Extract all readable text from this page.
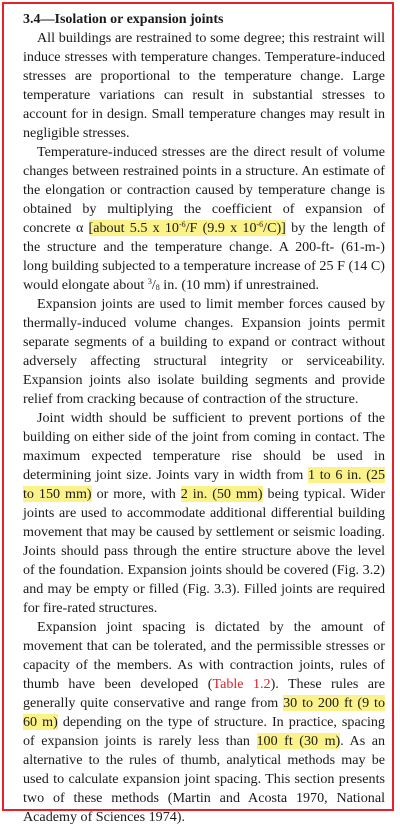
3.4—Isolation or expansion joints

All buildings are restrained to some degree; this restraint will induce stresses with temperature changes. Temperature-induced stresses are proportional to the temperature change. Large temperature variations can result in substantial stresses to account for in design. Small temperature changes may result in negligible stresses.

Temperature-induced stresses are the direct result of volume changes between restrained points in a structure. An estimate of the elongation or contraction caused by temperature change is obtained by multiplying the coefficient of expansion of concrete α [about 5.5 x $10^{-6}/F$ (9.9 x $10^{-6}/C$)] by the length of the structure and the temperature change. A 200-ft- (61-m-) long building subjected to a temperature increase of 25 F (14 C) would elongate about $^3/_8$ in. (10 mm) if unrestrained.

Expansion joints are used to limit member forces caused by thermally-induced volume changes. Expansion joints permit separate segments of a building to expand or contract without adversely affecting structural integrity or serviceability. Expansion joints also isolate building segments and provide relief from cracking because of contraction of the structure.

Joint width should be sufficient to prevent portions of the building on either side of the joint from coming in contact. The maximum expected temperature rise should be used in determining joint size. Joints vary in width from 1 to 6 in. (25 to 150 mm) or more, with 2 in. (50 mm) being typical. Wider joints are used to accommodate additional differential building movement that may be caused by settlement or seismic loading. Joints should pass through the entire structure above the level of the foundation. Expansion joints should be covered (Fig. 3.2) and may be empty or filled (Fig. 3.3). Filled joints are required for fire-rated structures.

Expansion joint spacing is dictated by the amount of movement that can be tolerated, and the permissible stresses or capacity of the members. As with contraction joints, rules of thumb have been developed (Table 1.2). These rules are generally quite conservative and range from 30 to 200 ft (9 to 60 m) depending on the type of structure. In practice, spacing of expansion joints is rarely less than 100 ft (30 m). As an alternative to the rules of thumb, analytical methods may be used to calculate expansion joint spacing. This section presents two of these methods (Martin and Acosta 1970, National Academy of Sciences 1974).
